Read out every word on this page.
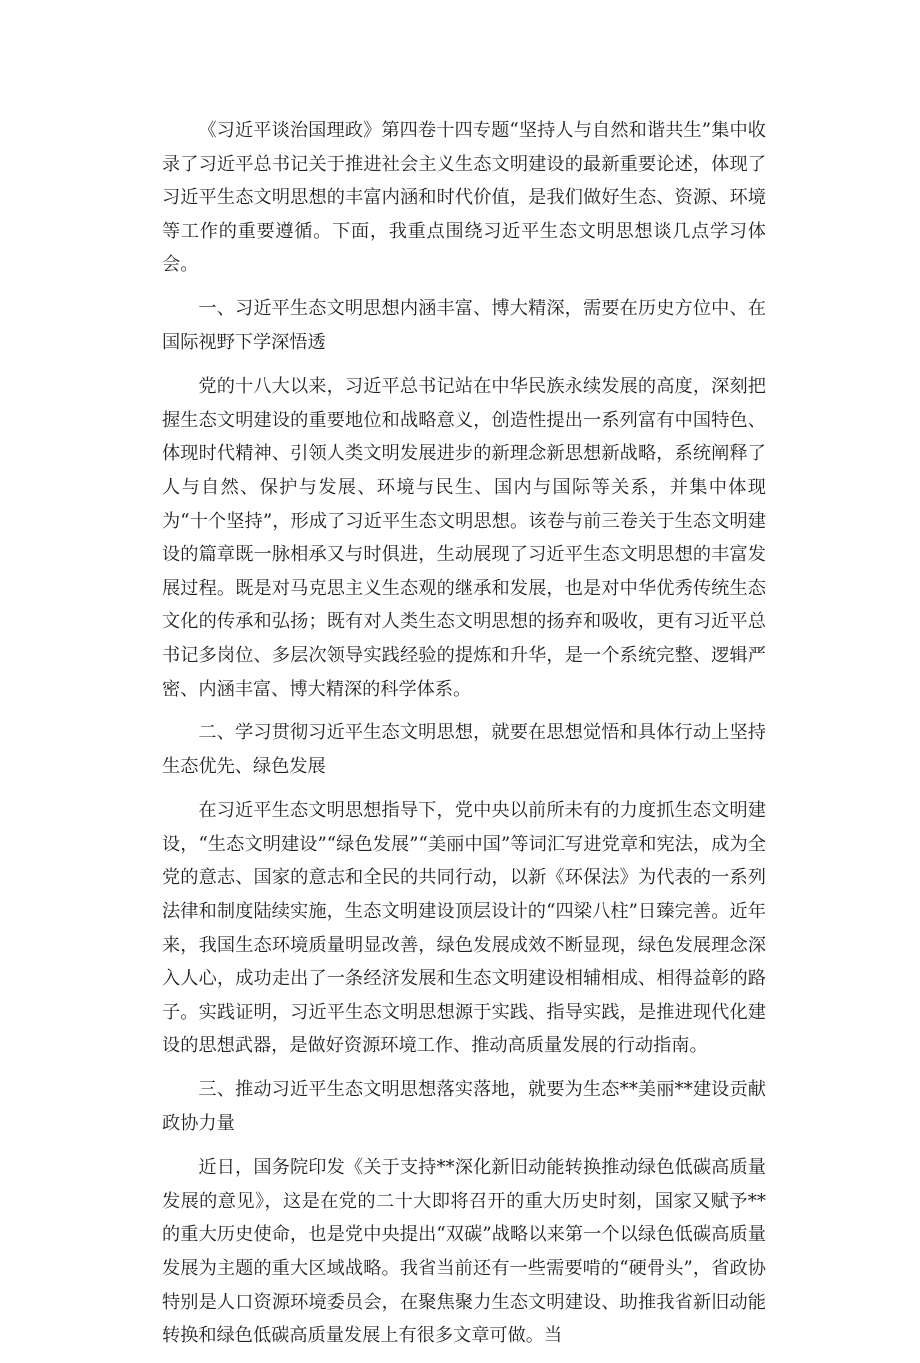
《习近平谈治国理政》第四卷十四专题“坚持人与自然和谐共生”集中收录了习近平总书记关于推进社会主义生态文明建设的最新重要论述，体现了习近平生态文明思想的丰富内涵和时代价值，是我们做好生态、资源、环境等工作的重要遵循。下面，我重点围绕习近平生态文明思想谈几点学习体会。

一、习近平生态文明思想内涵丰富、博大精深，需要在历史方位中、在国际视野下学深悟透

党的十八大以来，习近平总书记站在中华民族永续发展的高度，深刻把握生态文明建设的重要地位和战略意义，创造性提出一系列富有中国特色、体现时代精神、引领人类文明发展进步的新理念新思想新战略，系统阐释了人与自然、保护与发展、环境与民生、国内与国际等关系，并集中体现为“十个坚持”，形成了习近平生态文明思想。该卷与前三卷关于生态文明建设的篇章既一脉相承又与时俱进，生动展现了习近平生态文明思想的丰富发展过程。既是对马克思主义生态观的继承和发展，也是对中华优秀传统生态文化的传承和弘扬；既有对人类生态文明思想的扬弃和吸收，更有习近平总书记多岗位、多层次领导实践经验的提炼和升华，是一个系统完整、逻辑严密、内涵丰富、博大精深的科学体系。

二、学习贯彻习近平生态文明思想，就要在思想觉悟和具体行动上坚持生态优先、绿色发展

在习近平生态文明思想指导下，党中央以前所未有的力度抓生态文明建设，“生态文明建设”“绿色发展”“美丽中国”等词汇写进党章和宪法，成为全党的意志、国家的意志和全民的共同行动，以新《环保法》为代表的一系列法律和制度陆续实施，生态文明建设顶层设计的“四梁八柱”日臻完善。近年来，我国生态环境质量明显改善，绿色发展成效不断显现，绿色发展理念深入人心，成功走出了一条经济发展和生态文明建设相辅相成、相得益彰的路子。实践证明，习近平生态文明思想源于实践、指导实践，是推进现代化建设的思想武器，是做好资源环境工作、推动高质量发展的行动指南。

三、推动习近平生态文明思想落实落地，就要为生态**美丽**建设贡献政协力量

近日，国务院印发《关于支持**深化新旧动能转换推动绿色低碳高质量发展的意见》，这是在党的二十大即将召开的重大历史时刻，国家又赋予**的重大历史使命，也是党中央提出“双碳”战略以来第一个以绿色低碳高质量发展为主题的重大区域战略。我省当前还有一些需要啃的“硬骨头”，省政协特别是人口资源环境委员会，在聚焦聚力生态文明建设、助推我省新旧动能转换和绿色低碳高质量发展上有很多文章可做。当
